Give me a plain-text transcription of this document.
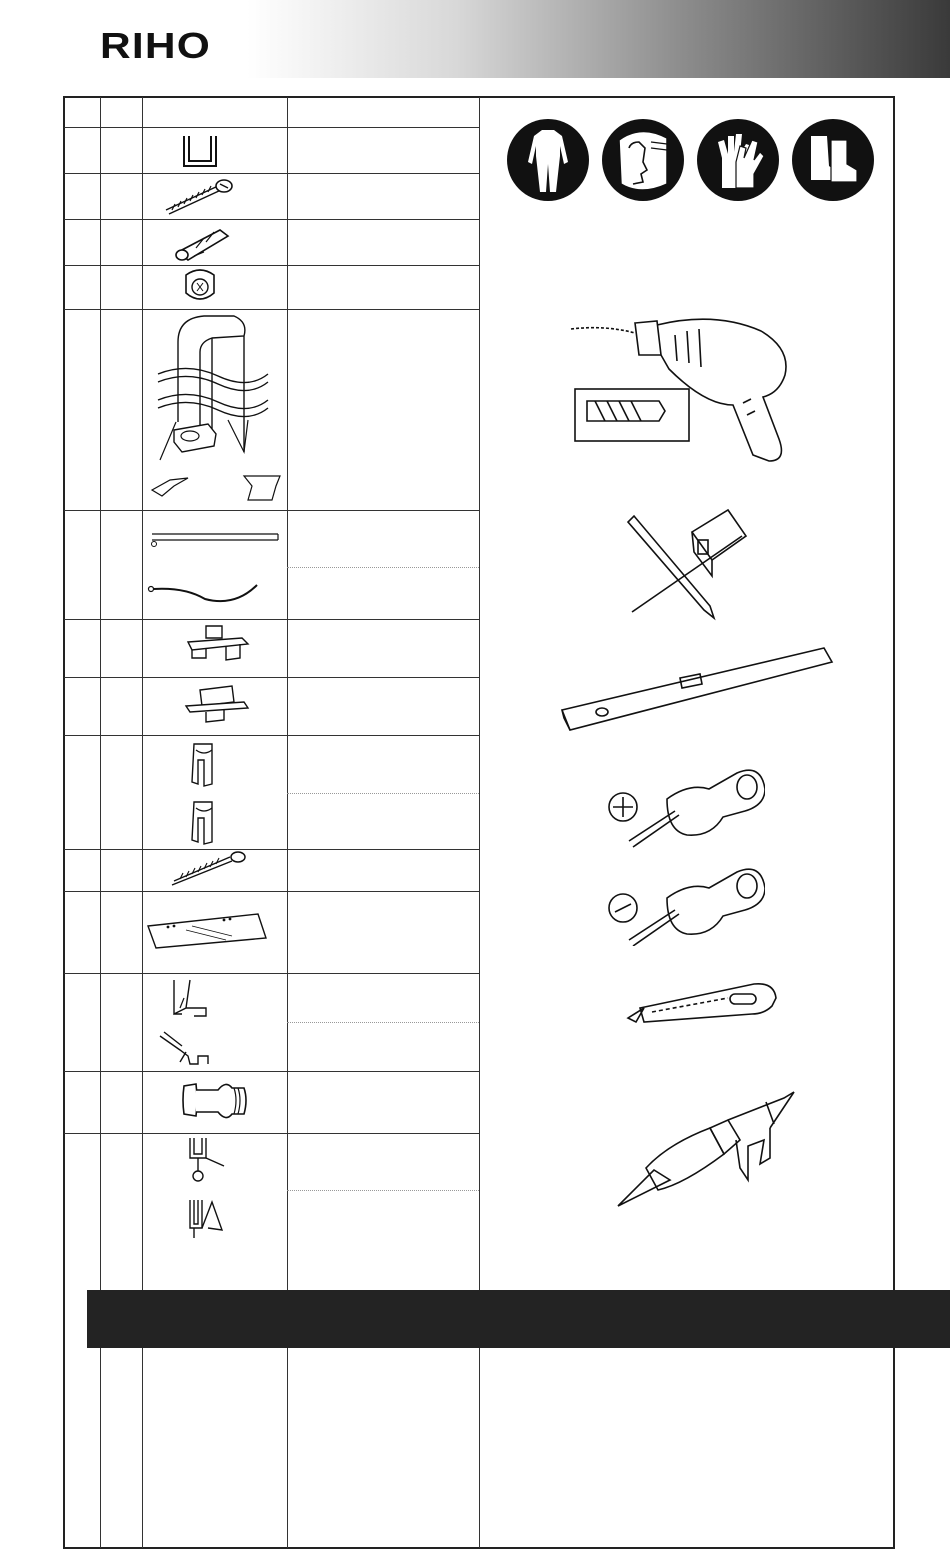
RIHO
